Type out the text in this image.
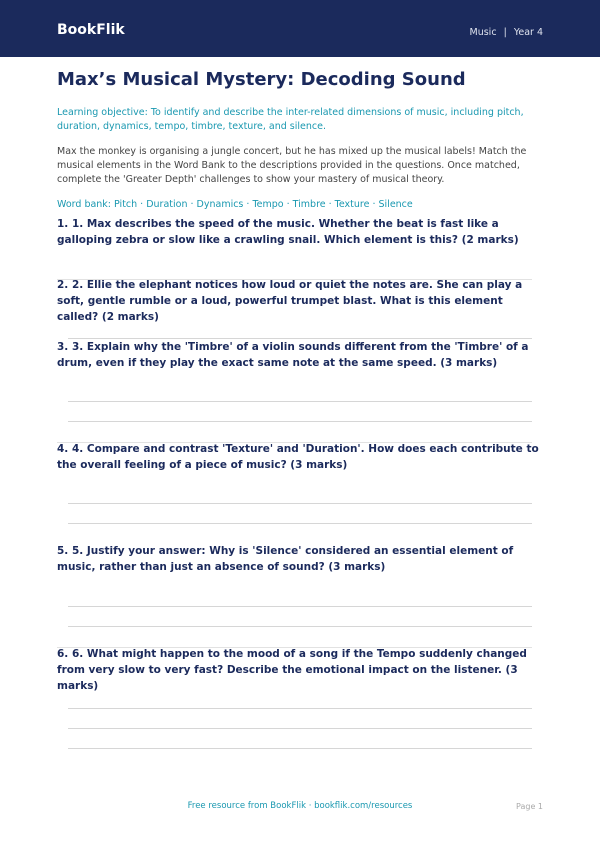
BookFlik	Music | Year 4
Max’s Musical Mystery: Decoding Sound
Learning objective: To identify and describe the inter-related dimensions of music, including pitch, duration, dynamics, tempo, timbre, texture, and silence.
Max the monkey is organising a jungle concert, but he has mixed up the musical labels! Match the musical elements in the Word Bank to the descriptions provided in the questions. Once matched, complete the 'Greater Depth' challenges to show your mastery of musical theory.
Word bank: Pitch · Duration · Dynamics · Tempo · Timbre · Texture · Silence
1. 1. Max describes the speed of the music. Whether the beat is fast like a galloping zebra or slow like a crawling snail. Which element is this? (2 marks)
2. 2. Ellie the elephant notices how loud or quiet the notes are. She can play a soft, gentle rumble or a loud, powerful trumpet blast. What is this element called? (2 marks)
3. 3. Explain why the 'Timbre' of a violin sounds different from the 'Timbre' of a drum, even if they play the exact same note at the same speed. (3 marks)
4. 4. Compare and contrast 'Texture' and 'Duration'. How does each contribute to the overall feeling of a piece of music? (3 marks)
5. 5. Justify your answer: Why is 'Silence' considered an essential element of music, rather than just an absence of sound? (3 marks)
6. 6. What might happen to the mood of a song if the Tempo suddenly changed from very slow to very fast? Describe the emotional impact on the listener. (3 marks)
Free resource from BookFlik · bookflik.com/resources	Page 1
